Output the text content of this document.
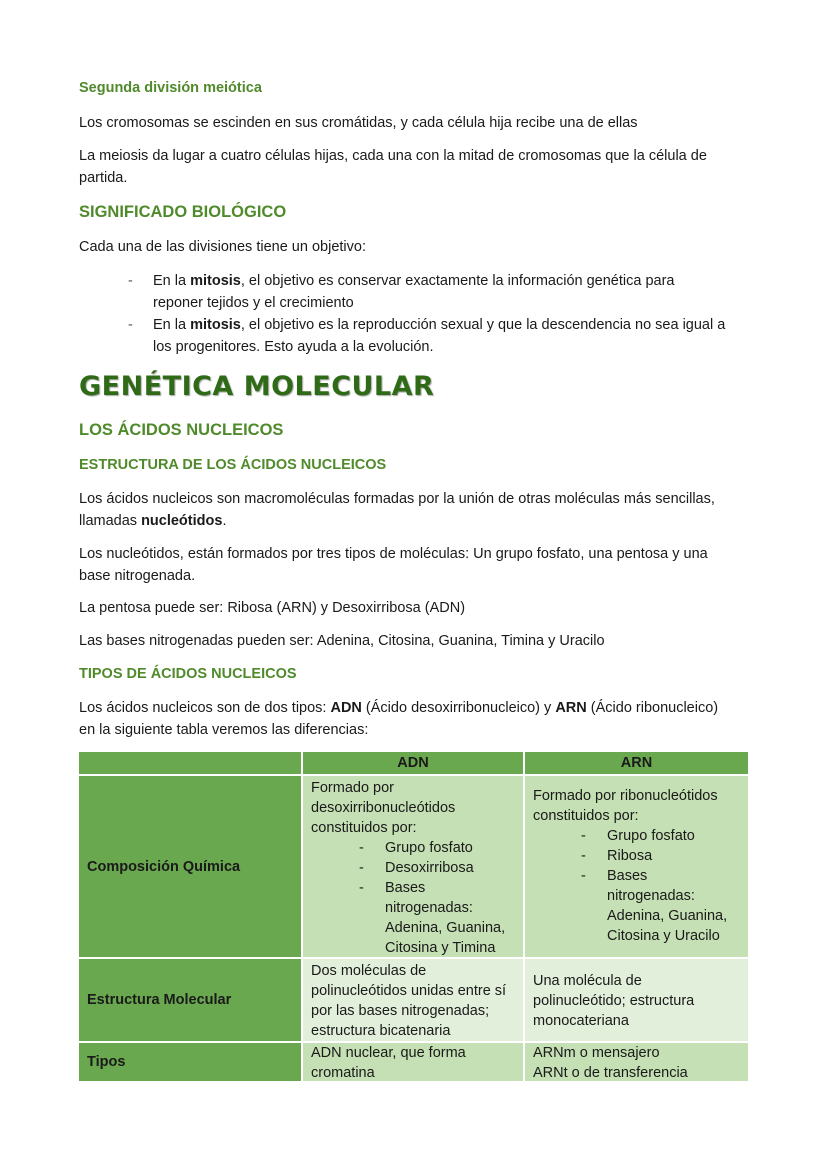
Segunda división meiótica
Los cromosomas se escinden en sus cromátidas, y cada célula hija recibe una de ellas
La meiosis da lugar a cuatro células hijas, cada una con la mitad de cromosomas que la célula de
partida.
SIGNIFICADO BIOLÓGICO
Cada una de las divisiones tiene un objetivo:
- En la mitosis, el objetivo es conservar exactamente la información genética para
reponer tejidos y el crecimiento
- En la mitosis, el objetivo es la reproducción sexual y que la descendencia no sea igual a
los progenitores. Esto ayuda a la evolución.
GENÉTICA MOLECULAR
LOS ÁCIDOS NUCLEICOS
ESTRUCTURA DE LOS ÁCIDOS NUCLEICOS
Los ácidos nucleicos son macromoléculas formadas por la unión de otras moléculas más sencillas,
llamadas nucleótidos.
Los nucleótidos, están formados por tres tipos de moléculas: Un grupo fosfato, una pentosa y una
base nitrogenada.
La pentosa puede ser: Ribosa (ARN) y Desoxirribosa (ADN)
Las bases nitrogenadas pueden ser: Adenina, Citosina, Guanina, Timina y Uracilo
TIPOS DE ÁCIDOS NUCLEICOS
Los ácidos nucleicos son de dos tipos: ADN (Ácido desoxirribonucleico) y ARN (Ácido ribonucleico)
en la siguiente tabla veremos las diferencias:
ADN	ARN
Composición Química
Formado por
desoxirribonucleótidos
constituidos por:
- Grupo fosfato
- Desoxirribosa
- Bases
nitrogenadas:
Adenina, Guanina,
Citosina y Timina
Formado por ribonucleótidos
constituidos por:
- Grupo fosfato
- Ribosa
- Bases
nitrogenadas:
Adenina, Guanina,
Citosina y Uracilo
Estructura Molecular
Dos moléculas de
polinucleótidos unidas entre sí
por las bases nitrogenadas;
estructura bicatenaria
Una molécula de
polinucleótido; estructura
monocateriana
Tipos
ADN nuclear, que forma
cromatina
ARNm o mensajero
ARNt o de transferencia
